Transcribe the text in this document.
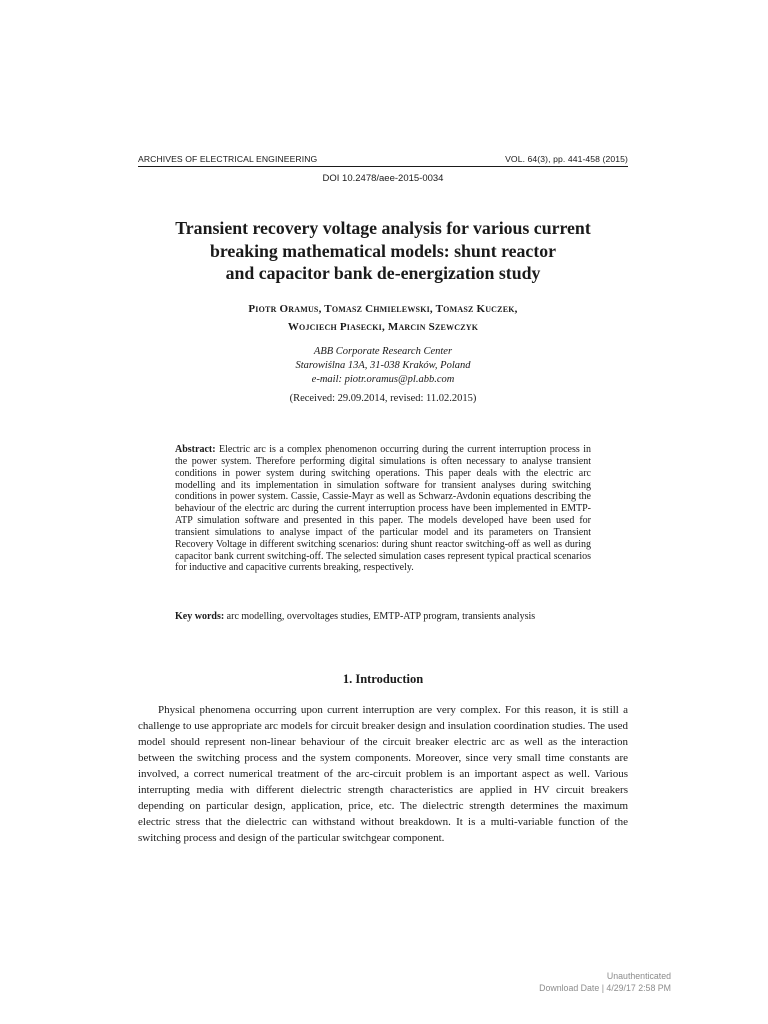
ARCHIVES OF ELECTRICAL ENGINEERING	VOL. 64(3), pp. 441-458 (2015)
DOI 10.2478/aee-2015-0034
Transient recovery voltage analysis for various current
breaking mathematical models: shunt reactor
and capacitor bank de-energization study
Piotr Oramus, Tomasz Chmielewski, Tomasz Kuczek,
Wojciech Piasecki, Marcin Szewczyk
ABB Corporate Research Center
Starowiślna 13A, 31-038 Kraków, Poland
e-mail: piotr.oramus@pl.abb.com
(Received: 29.09.2014, revised: 11.02.2015)
Abstract: Electric arc is a complex phenomenon occurring during the current interruption process in the power system. Therefore performing digital simulations is often necessary to analyse transient conditions in power system during switching operations. This paper deals with the electric arc modelling and its implementation in simulation software for transient analyses during switching conditions in power system. Cassie, Cassie-Mayr as well as Schwarz-Avdonin equations describing the behaviour of the electric arc during the current interruption process have been implemented in EMTP-ATP simulation software and presented in this paper. The models developed have been used for transient simulations to analyse impact of the particular model and its parameters on Transient Recovery Voltage in different switching scenarios: during shunt reactor switching-off as well as during capacitor bank current switching-off. The selected simulation cases represent typical practical scenarios for inductive and capacitive currents breaking, respectively.
Key words: arc modelling, overvoltages studies, EMTP-ATP program, transients analysis
1. Introduction

Physical phenomena occurring upon current interruption are very complex. For this reason, it is still a challenge to use appropriate arc models for circuit breaker design and insulation coordination studies. The used model should represent non-linear behaviour of the circuit breaker electric arc as well as the interaction between the switching process and the system components. Moreover, since very small time constants are involved, a correct numerical treatment of the arc-circuit problem is an important aspect as well. Various interrupting media with different dielectric strength characteristics are applied in HV circuit breakers depending on particular design, application, price, etc. The dielectric strength determines the maximum electric stress that the dielectric can withstand without breakdown. It is a multi-variable function of the switching process and design of the particular switchgear component.

Unauthenticated
Download Date | 4/29/17 2:58 PM
